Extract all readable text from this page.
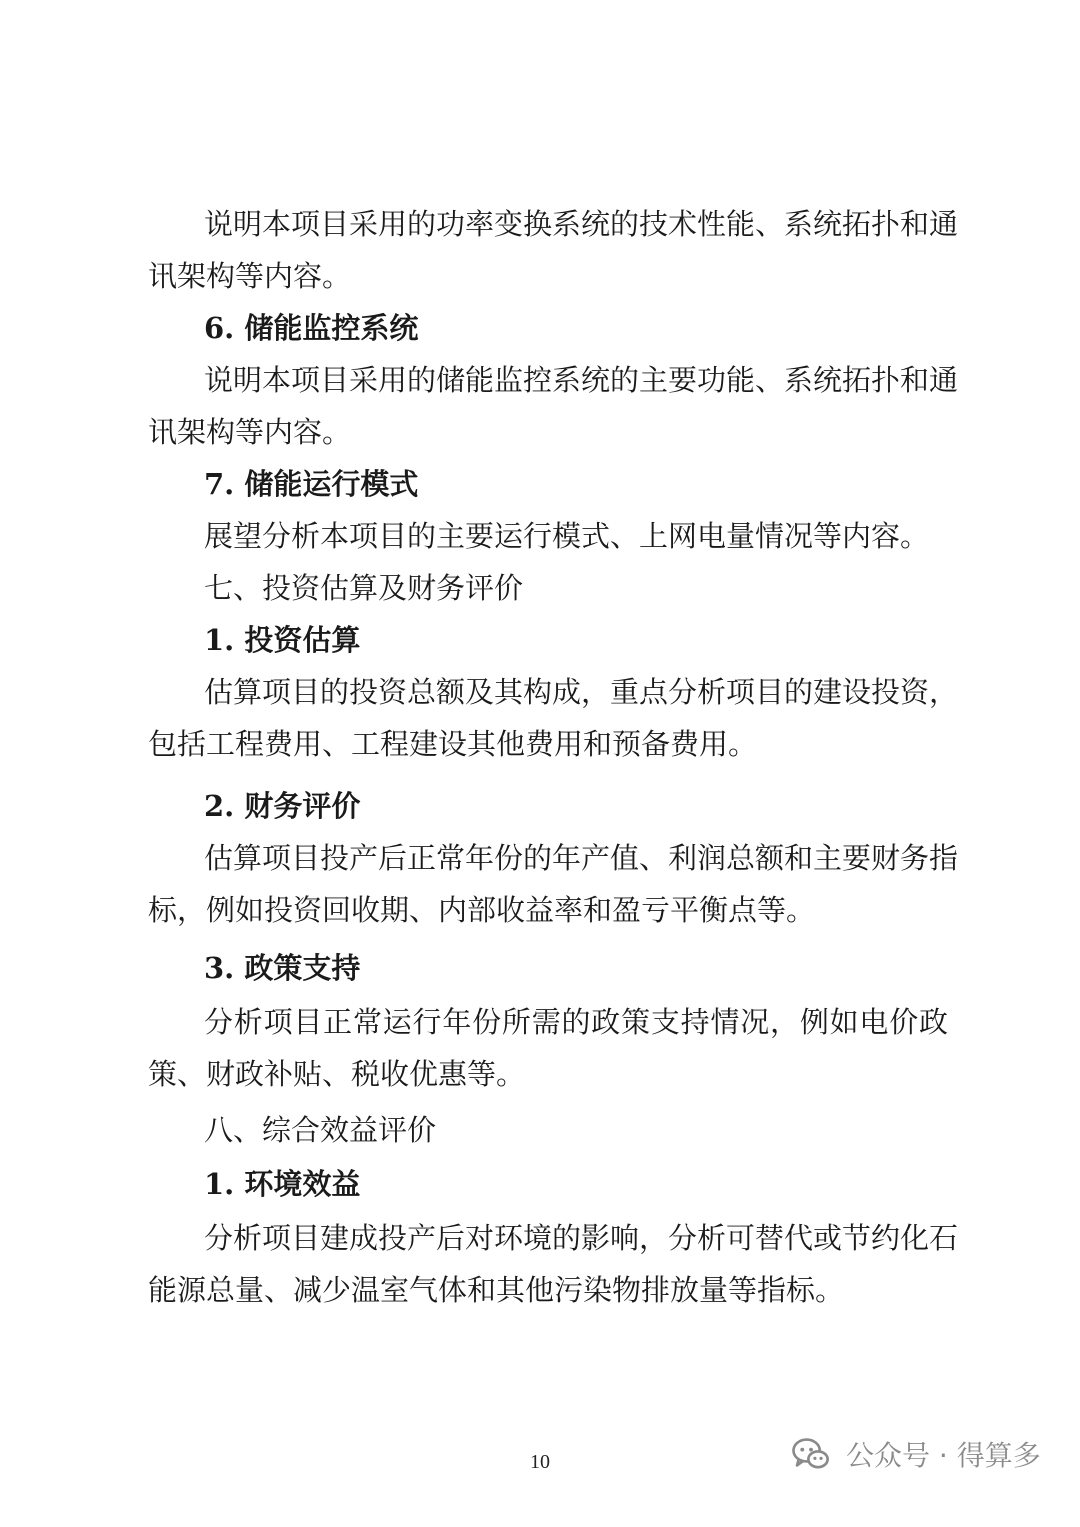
说明本项目采用的功率变换系统的技术性能、系统拓扑和通
讯架构等内容。
6. 储能监控系统
说明本项目采用的储能监控系统的主要功能、系统拓扑和通
讯架构等内容。
7. 储能运行模式
展望分析本项目的主要运行模式、上网电量情况等内容。
七、投资估算及财务评价
1. 投资估算
估算项目的投资总额及其构成，重点分析项目的建设投资，
包括工程费用、工程建设其他费用和预备费用。
2. 财务评价
估算项目投产后正常年份的年产值、利润总额和主要财务指
标，例如投资回收期、内部收益率和盈亏平衡点等。
3. 政策支持
分析项目正常运行年份所需的政策支持情况，例如电价政
策、财政补贴、税收优惠等。
八、综合效益评价
1. 环境效益
分析项目建成投产后对环境的影响，分析可替代或节约化石
能源总量、减少温室气体和其他污染物排放量等指标。
10	公众号 · 得算多
